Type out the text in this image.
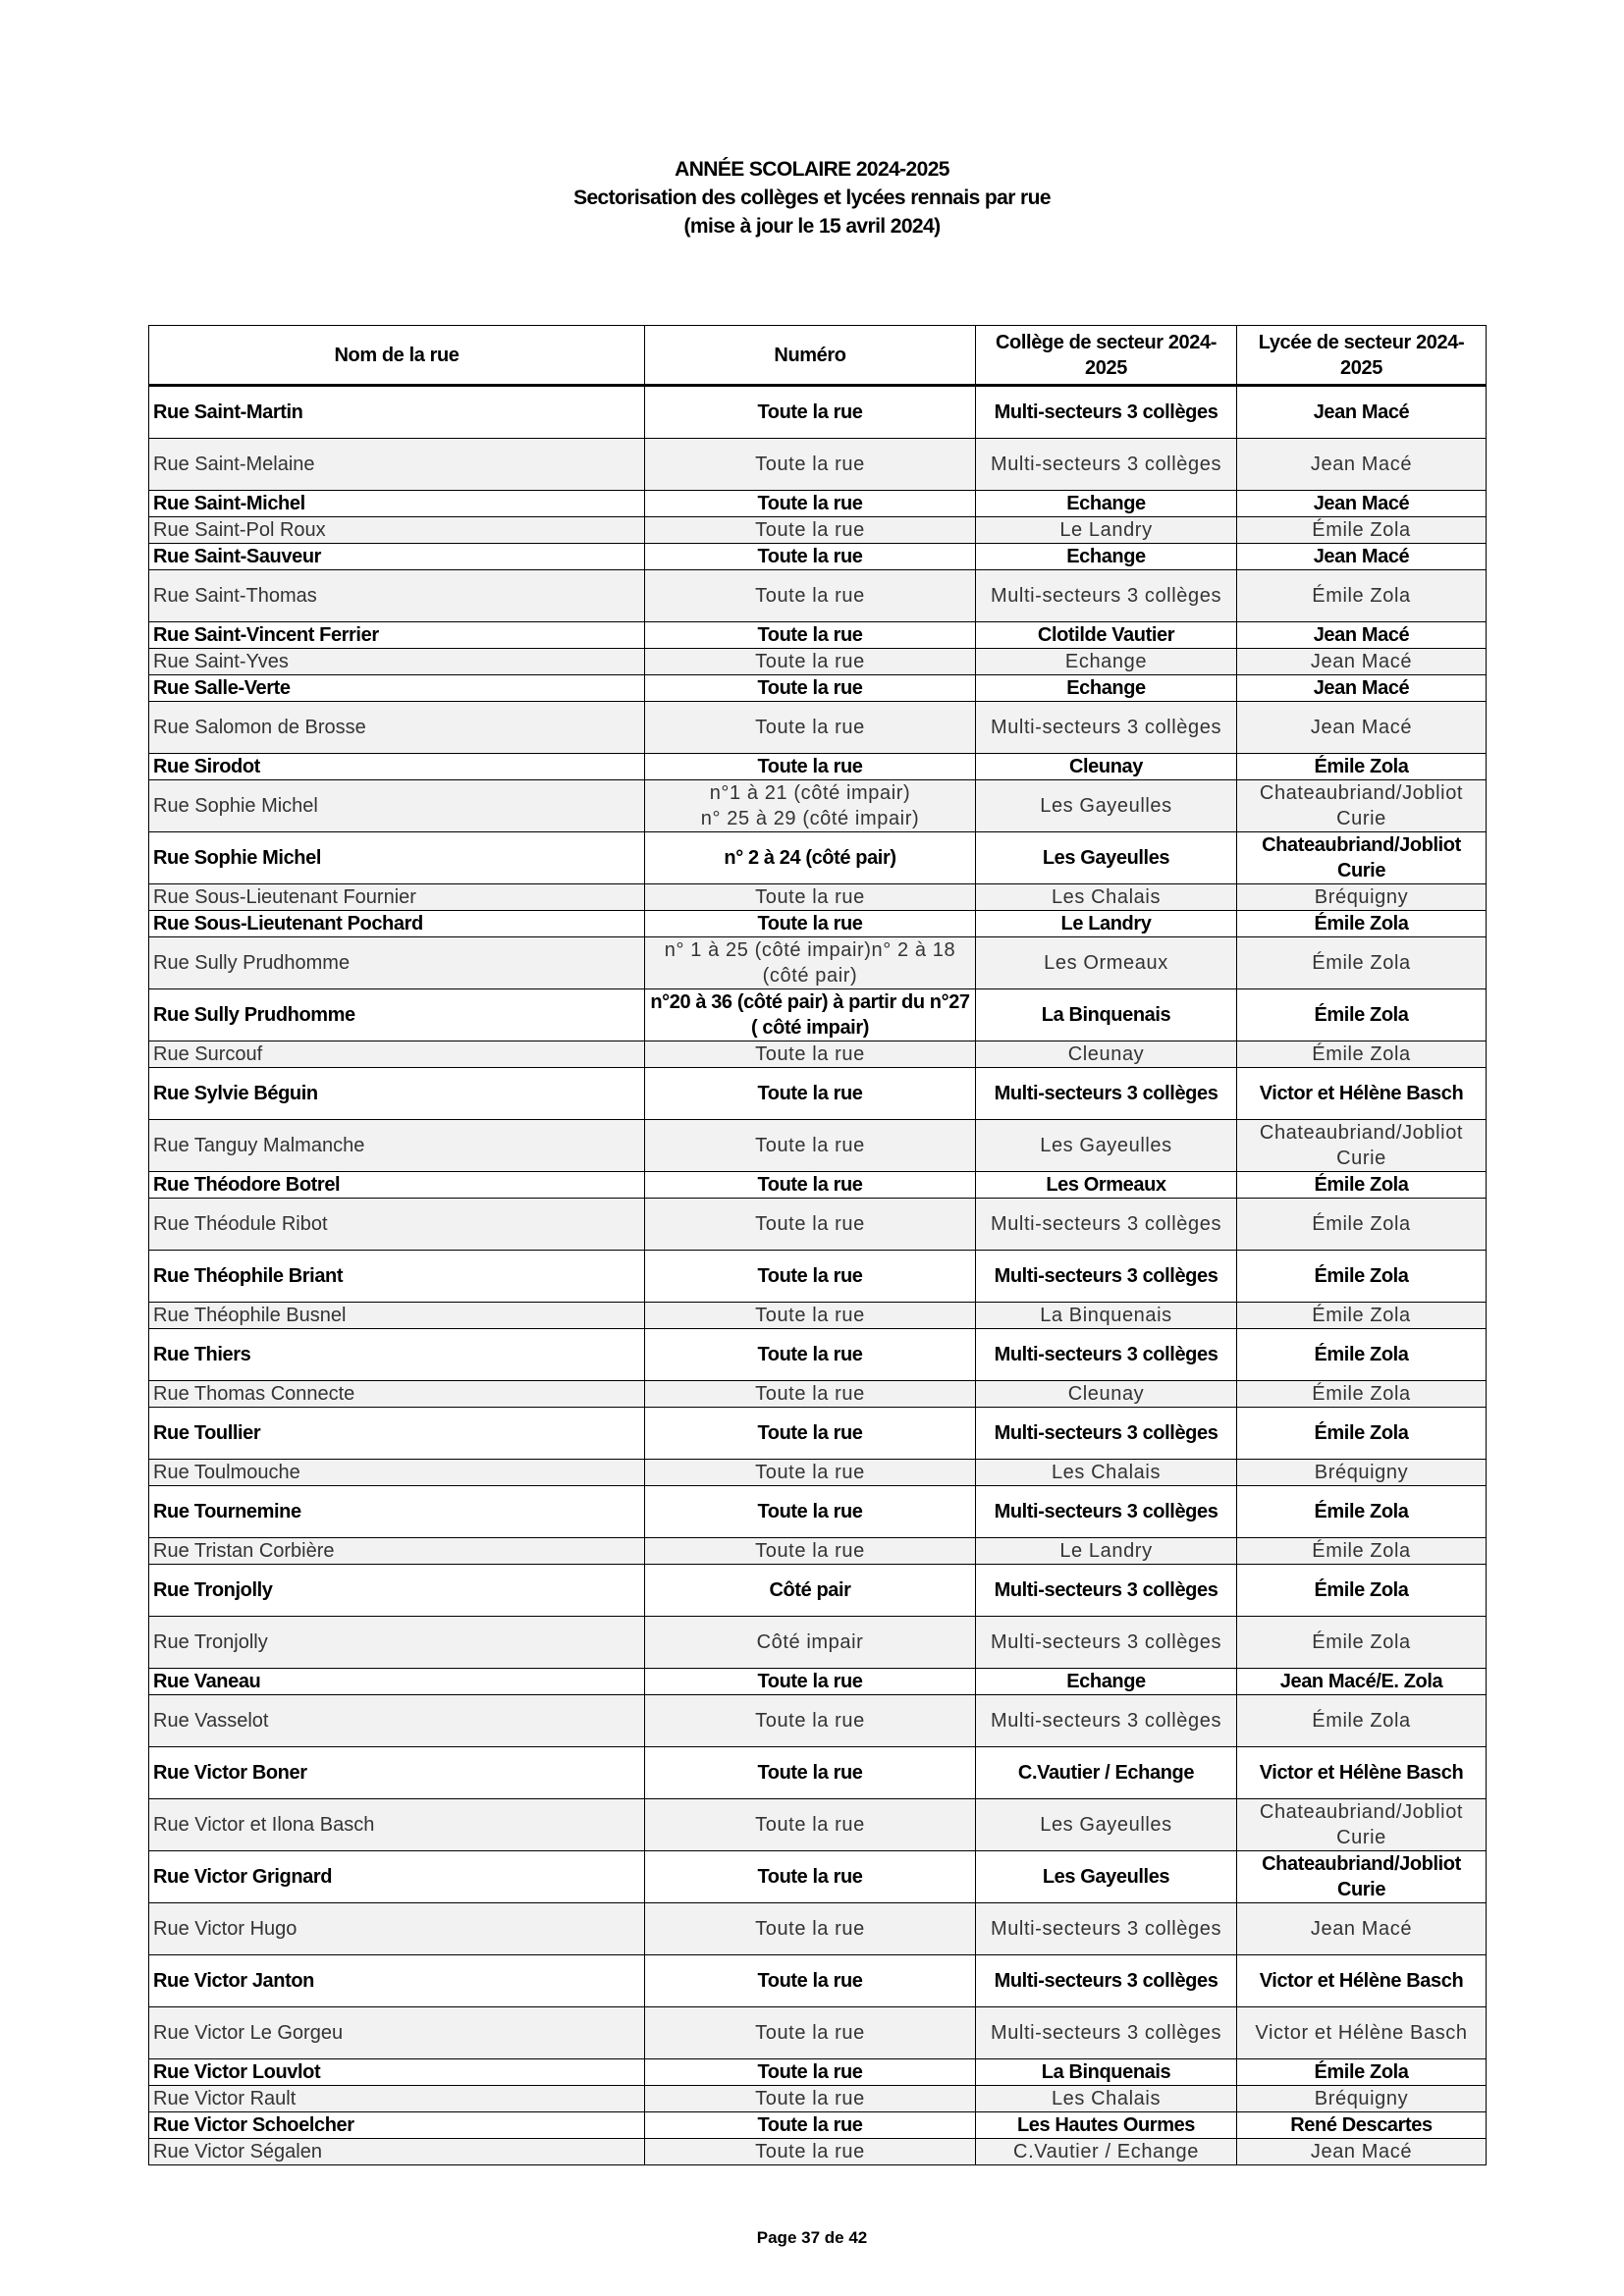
ANNÉE SCOLAIRE 2024-2025
Sectorisation des collèges et lycées rennais par rue
(mise à jour le 15 avril 2024)
Nom de la rue	Numéro	Collège de secteur 2024-2025	Lycée de secteur 2024-2025
Rue Saint-Martin	Toute la rue	Multi-secteurs 3 collèges	Jean Macé
Rue Saint-Melaine	Toute la rue	Multi-secteurs 3 collèges	Jean Macé
Rue Saint-Michel	Toute la rue	Echange	Jean Macé
Rue Saint-Pol Roux	Toute la rue	Le Landry	Émile Zola
Rue Saint-Sauveur	Toute la rue	Echange	Jean Macé
Rue Saint-Thomas	Toute la rue	Multi-secteurs 3 collèges	Émile Zola
Rue Saint-Vincent Ferrier	Toute la rue	Clotilde Vautier	Jean Macé
Rue Saint-Yves	Toute la rue	Echange	Jean Macé
Rue Salle-Verte	Toute la rue	Echange	Jean Macé
Rue Salomon de Brosse	Toute la rue	Multi-secteurs 3 collèges	Jean Macé
Rue Sirodot	Toute la rue	Cleunay	Émile Zola
Rue Sophie Michel	n°1 à 21 (côté impair)
n° 25 à 29 (côté impair)	Les Gayeulles	Chateaubriand/Jobliot Curie
Rue Sophie Michel	n° 2 à 24 (côté pair)	Les Gayeulles	Chateaubriand/Jobliot Curie
Rue Sous-Lieutenant Fournier	Toute la rue	Les Chalais	Bréquigny
Rue Sous-Lieutenant Pochard	Toute la rue	Le Landry	Émile Zola
Rue Sully Prudhomme	n° 1 à 25 (côté impair)n° 2 à 18 (côté pair)	Les Ormeaux	Émile Zola
Rue Sully Prudhomme	n°20 à 36 (côté pair) à partir du n°27 ( côté impair)	La Binquenais	Émile Zola
Rue Surcouf	Toute la rue	Cleunay	Émile Zola
Rue Sylvie Béguin	Toute la rue	Multi-secteurs 3 collèges	Victor et Hélène Basch
Rue Tanguy Malmanche	Toute la rue	Les Gayeulles	Chateaubriand/Jobliot Curie
Rue Théodore Botrel	Toute la rue	Les Ormeaux	Émile Zola
Rue Théodule Ribot	Toute la rue	Multi-secteurs 3 collèges	Émile Zola
Rue Théophile Briant	Toute la rue	Multi-secteurs 3 collèges	Émile Zola
Rue Théophile Busnel	Toute la rue	La Binquenais	Émile Zola
Rue Thiers	Toute la rue	Multi-secteurs 3 collèges	Émile Zola
Rue Thomas Connecte	Toute la rue	Cleunay	Émile Zola
Rue Toullier	Toute la rue	Multi-secteurs 3 collèges	Émile Zola
Rue Toulmouche	Toute la rue	Les Chalais	Bréquigny
Rue Tournemine	Toute la rue	Multi-secteurs 3 collèges	Émile Zola
Rue Tristan Corbière	Toute la rue	Le Landry	Émile Zola
Rue Tronjolly	Côté pair	Multi-secteurs 3 collèges	Émile Zola
Rue Tronjolly	Côté impair	Multi-secteurs 3 collèges	Émile Zola
Rue Vaneau	Toute la rue	Echange	Jean Macé/E. Zola
Rue Vasselot	Toute la rue	Multi-secteurs 3 collèges	Émile Zola
Rue Victor Boner	Toute la rue	C.Vautier / Echange	Victor et Hélène Basch
Rue Victor et Ilona Basch	Toute la rue	Les Gayeulles	Chateaubriand/Jobliot Curie
Rue Victor Grignard	Toute la rue	Les Gayeulles	Chateaubriand/Jobliot Curie
Rue Victor Hugo	Toute la rue	Multi-secteurs 3 collèges	Jean Macé
Rue Victor Janton	Toute la rue	Multi-secteurs 3 collèges	Victor et Hélène Basch
Rue Victor Le Gorgeu	Toute la rue	Multi-secteurs 3 collèges	Victor et Hélène Basch
Rue Victor Louvlot	Toute la rue	La Binquenais	Émile Zola
Rue Victor Rault	Toute la rue	Les Chalais	Bréquigny
Rue Victor Schoelcher	Toute la rue	Les Hautes Ourmes	René Descartes
Rue Victor Ségalen	Toute la rue	C.Vautier / Echange	Jean Macé
Page 37 de 42
